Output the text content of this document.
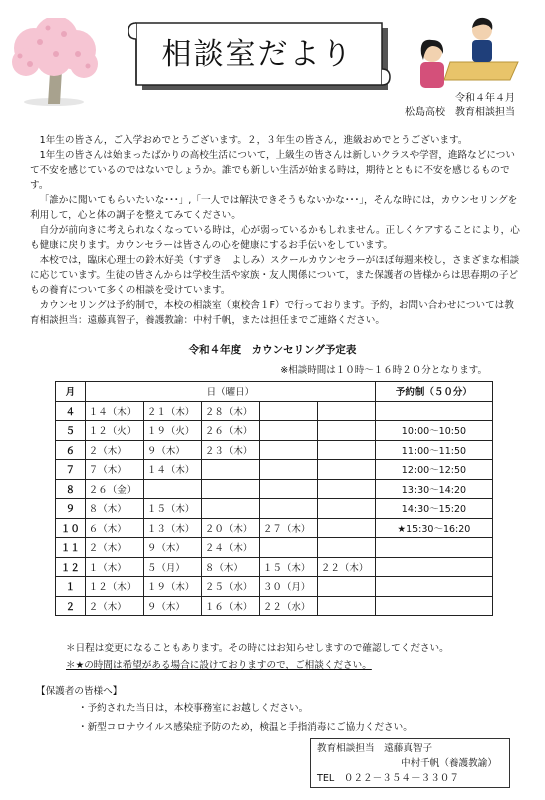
相談室だより
令和４年４月
松島高校　教育相談担当

1年生の皆さん，ご入学おめでとうございます。２，３年生の皆さん，進級おめでとうございます。

1年生の皆さんは始まったばかりの高校生活について，上級生の皆さんは新しいクラスや学習，進路などについて不安を感じているのではないでしょうか。誰でも新しい生活が始まる時は，期待とともに不安を感じるものです。

「誰かに聞いてもらいたいな･･･」,「一人では解決できそうもないかな･･･」，そんな時には，カウンセリングを利用して，心と体の調子を整えてみてください。

自分が前向きに考えられなくなっている時は，心が弱っているかもしれません。正しくケアすることにより，心も健康に戻ります。カウンセラーは皆さんの心を健康にするお手伝いをしています。

本校では，臨床心理士の鈴木好美（すずき　よしみ）スクールカウンセラーがほぼ毎週来校し，さまざまな相談に応じています。生徒の皆さんからは学校生活や家族・友人関係について，また保護者の皆様からは思春期の子どもの養育について多くの相談を受けています。

カウンセリングは予約制で，本校の相談室（東校舎１F）で行っております。予約，お問い合わせについては教育相談担当：遠藤真智子，養護教諭：中村千帆，または担任までご連絡ください。

令和４年度　カウンセリング予定表
※相談時間は１０時～１６時２０分となります。
月	日（曜日）					予約制（５０分）
４	１４（木）	２１（木）	２８（木）			
５	１２（火）	１９（火）	２６（木）			10:00～10:50
６	２（木）	９（木）	２３（木）			11:00～11:50
７	７（木）	１４（木）				12:00～12:50
８	２６（金）					13:30～14:20
９	８（木）	１５（木）				14:30～15:20
１０	６（木）	１３（木）	２０（木）	２７（木）		★15:30～16:20
１１	２（木）	９（木）	２４（木）			
１２	１（木）	５（月）	８（木）	１５（木）	２２（木）	
１	１２（木）	１９（木）	２５（水）	３０（月）		
２	２（木）	９（木）	１６（木）	２２（水）		
＊日程は変更になることもあります。その時にはお知らせしますので確認してください。
＊★の時間は希望がある場合に設けておりますので，ご相談ください。
【保護者の皆様へ】
・予約された当日は，本校事務室にお越しください。
・新型コロナウイルス感染症予防のため，検温と手指消毒にご協力ください。
教育相談担当　遠藤真智子
中村千帆（養護教諭）
TEL　０２２－３５４－３３０７
